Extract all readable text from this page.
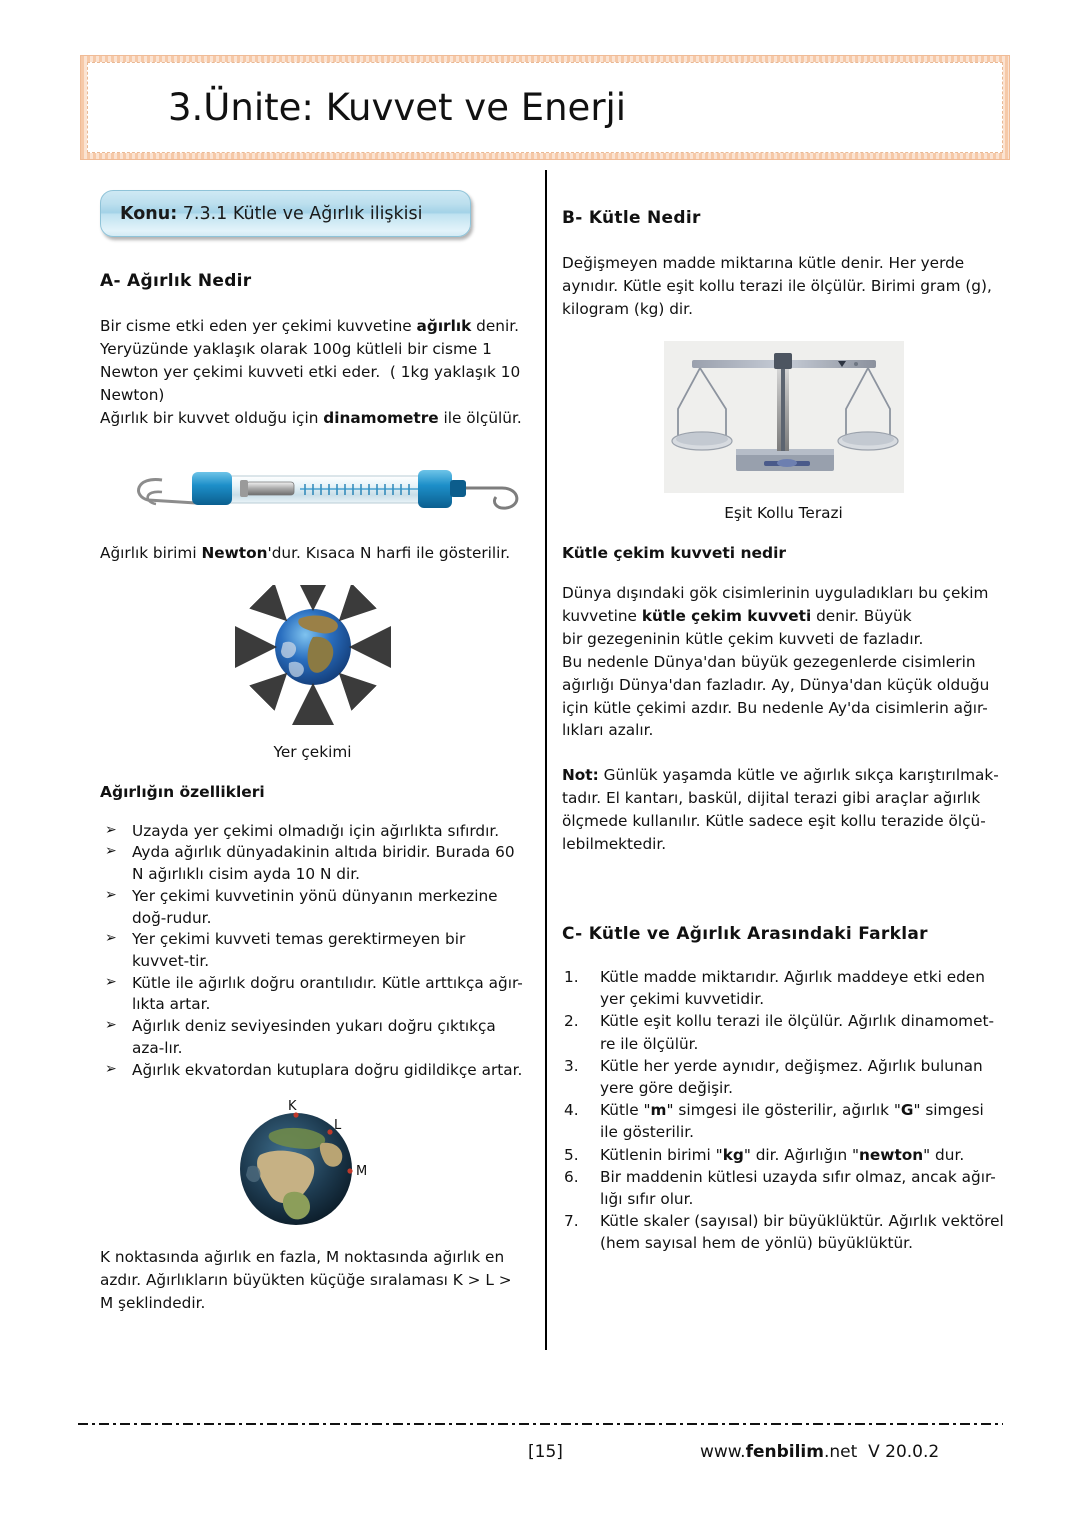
3.Ünite: Kuvvet ve Enerji
Konu: 7.3.1 Kütle ve Ağırlık ilişkisi
A- Ağırlık Nedir

Bir cisme etki eden yer çekimi kuvvetine ağırlık denir. Yeryüzünde yaklaşık olarak 100g kütleli bir cisme 1 Newton yer çekimi kuvveti etki eder.  ( 1kg yaklaşık 10 Newton)
Ağırlık bir kuvvet olduğu için dinamometre ile ölçülür.

Ağırlık birimi Newton'dur. Kısaca N harfi ile gösterilir.

Yer çekimi
Ağırlığın özellikleri
➢ Uzayda yer çekimi olmadığı için ağırlıkta sıfırdır.
➢ Ayda ağırlık dünyadakinin altıda biridir. Burada 60 N ağırlıklı cisim ayda 10 N dir.
➢ Yer çekimi kuvvetinin yönü dünyanın merkezine doğ-rudur.
➢ Yer çekimi kuvveti temas gerektirmeyen bir kuvvet-tir.
➢ Kütle ile ağırlık doğru orantılıdır. Kütle arttıkça ağır-lıkta artar.
➢ Ağırlık deniz seviyesinden yukarı doğru çıktıkça aza-lır.
➢ Ağırlık ekvatordan kutuplara doğru gidildikçe artar.
K
L
M

K noktasında ağırlık en fazla, M noktasında ağırlık en azdır. Ağırlıkların büyükten küçüğe sıralaması K > L > M şeklindedir.

B- Kütle Nedir

Değişmeyen madde miktarına kütle denir. Her yerde aynıdır. Kütle eşit kollu terazi ile ölçülür. Birimi gram (g), kilogram (kg) dir.

Eşit Kollu Terazi
Kütle çekim kuvveti nedir

Dünya dışındaki gök cisimlerinin uyguladıkları bu çekim kuvvetine kütle çekim kuvveti denir. Büyük
bir gezegeninin kütle çekim kuvveti de fazladır.
Bu nedenle Dünya'dan büyük gezegenlerde cisimlerin ağırlığı Dünya'dan fazladır. Ay, Dünya'dan küçük olduğu için kütle çekimi azdır. Bu nedenle Ay'da cisimlerin ağır-lıkları azalır.

Not: Günlük yaşamda kütle ve ağırlık sıkça karıştırılmak-tadır. El kantarı, baskül, dijital terazi gibi araçlar ağırlık ölçmede kullanılır. Kütle sadece eşit kollu terazide ölçü-lebilmektedir.

C- Kütle ve Ağırlık Arasındaki Farklar
1. Kütle madde miktarıdır. Ağırlık maddeye etki eden yer çekimi kuvvetidir.
2. Kütle eşit kollu terazi ile ölçülür. Ağırlık dinamomet-re ile ölçülür.
3. Kütle her yerde aynıdır, değişmez. Ağırlık bulunan yere göre değişir.
4. Kütle "m" simgesi ile gösterilir, ağırlık "G" simgesi ile gösterilir.
5. Kütlenin birimi "kg" dir. Ağırlığın "newton" dur.
6. Bir maddenin kütlesi uzayda sıfır olmaz, ancak ağır-lığı sıfır olur.
7. Kütle skaler (sayısal) bir büyüklüktür. Ağırlık vektörel (hem sayısal hem de yönlü) büyüklüktür.
[15]	www.fenbilim.net V 20.0.2
